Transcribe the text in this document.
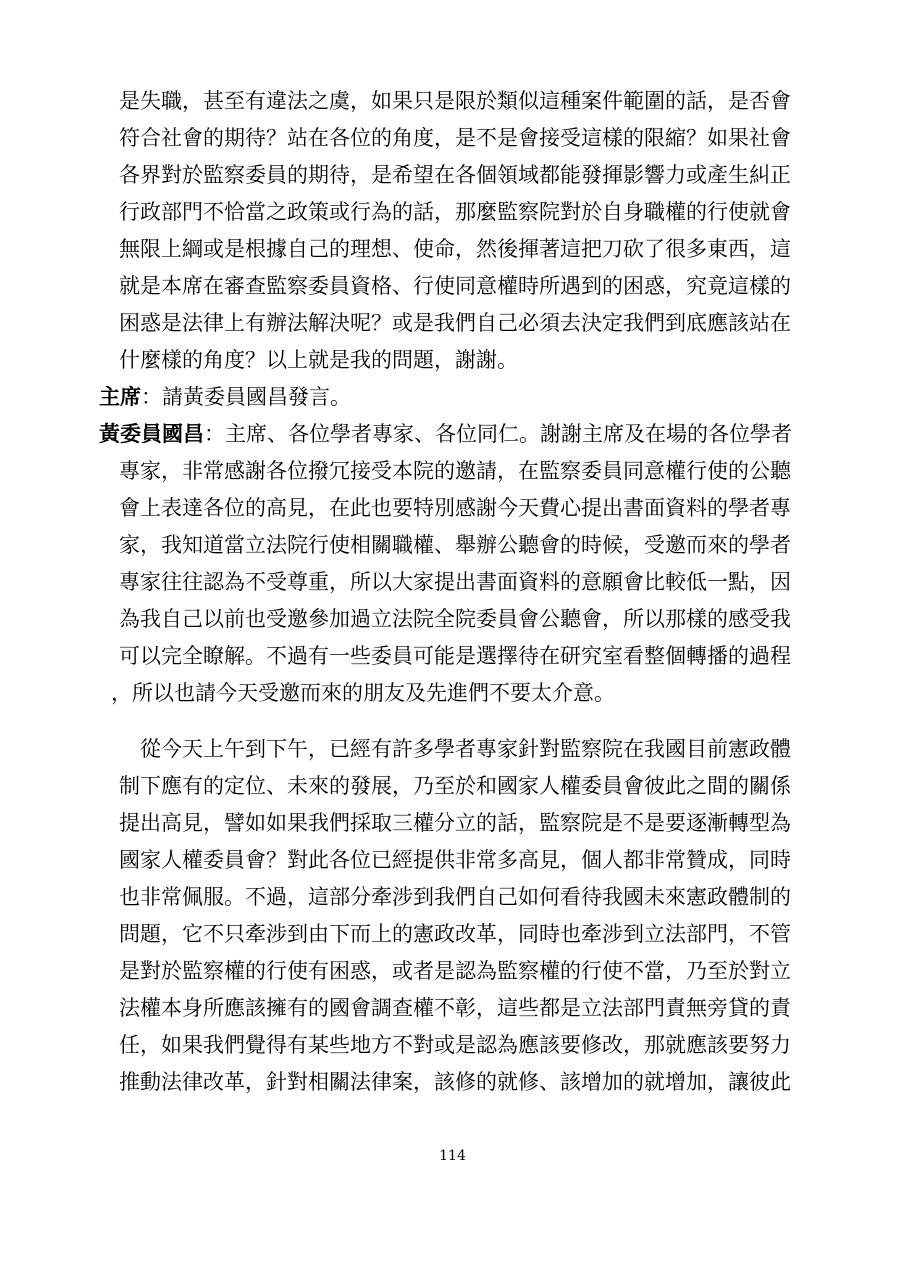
是失職，甚至有違法之虞，如果只是限於類似這種案件範圍的話，是否會
符合社會的期待？站在各位的角度，是不是會接受這樣的限縮？如果社會
各界對於監察委員的期待，是希望在各個領域都能發揮影響力或產生糾正
行政部門不恰當之政策或行為的話，那麼監察院對於自身職權的行使就會
無限上綱或是根據自己的理想、使命，然後揮著這把刀砍了很多東西，這
就是本席在審查監察委員資格、行使同意權時所遇到的困惑，究竟這樣的
困惑是法律上有辦法解決呢？或是我們自己必須去決定我們到底應該站在
什麼樣的角度？以上就是我的問題，謝謝。
主席：請黃委員國昌發言。
黃委員國昌：主席、各位學者專家、各位同仁。謝謝主席及在場的各位學者
專家，非常感謝各位撥冗接受本院的邀請，在監察委員同意權行使的公聽
會上表達各位的高見，在此也要特別感謝今天費心提出書面資料的學者專
家，我知道當立法院行使相關職權、舉辦公聽會的時候，受邀而來的學者
專家往往認為不受尊重，所以大家提出書面資料的意願會比較低一點，因
為我自己以前也受邀參加過立法院全院委員會公聽會，所以那樣的感受我
可以完全瞭解。不過有一些委員可能是選擇待在研究室看整個轉播的過程
，所以也請今天受邀而來的朋友及先進們不要太介意。
從今天上午到下午，已經有許多學者專家針對監察院在我國目前憲政體
制下應有的定位、未來的發展，乃至於和國家人權委員會彼此之間的關係
提出高見，譬如如果我們採取三權分立的話，監察院是不是要逐漸轉型為
國家人權委員會？對此各位已經提供非常多高見，個人都非常贊成，同時
也非常佩服。不過，這部分牽涉到我們自己如何看待我國未來憲政體制的
問題，它不只牽涉到由下而上的憲政改革，同時也牽涉到立法部門，不管
是對於監察權的行使有困惑，或者是認為監察權的行使不當，乃至於對立
法權本身所應該擁有的國會調查權不彰，這些都是立法部門責無旁貸的責
任，如果我們覺得有某些地方不對或是認為應該要修改，那就應該要努力
推動法律改革，針對相關法律案，該修的就修、該增加的就增加，讓彼此
114
